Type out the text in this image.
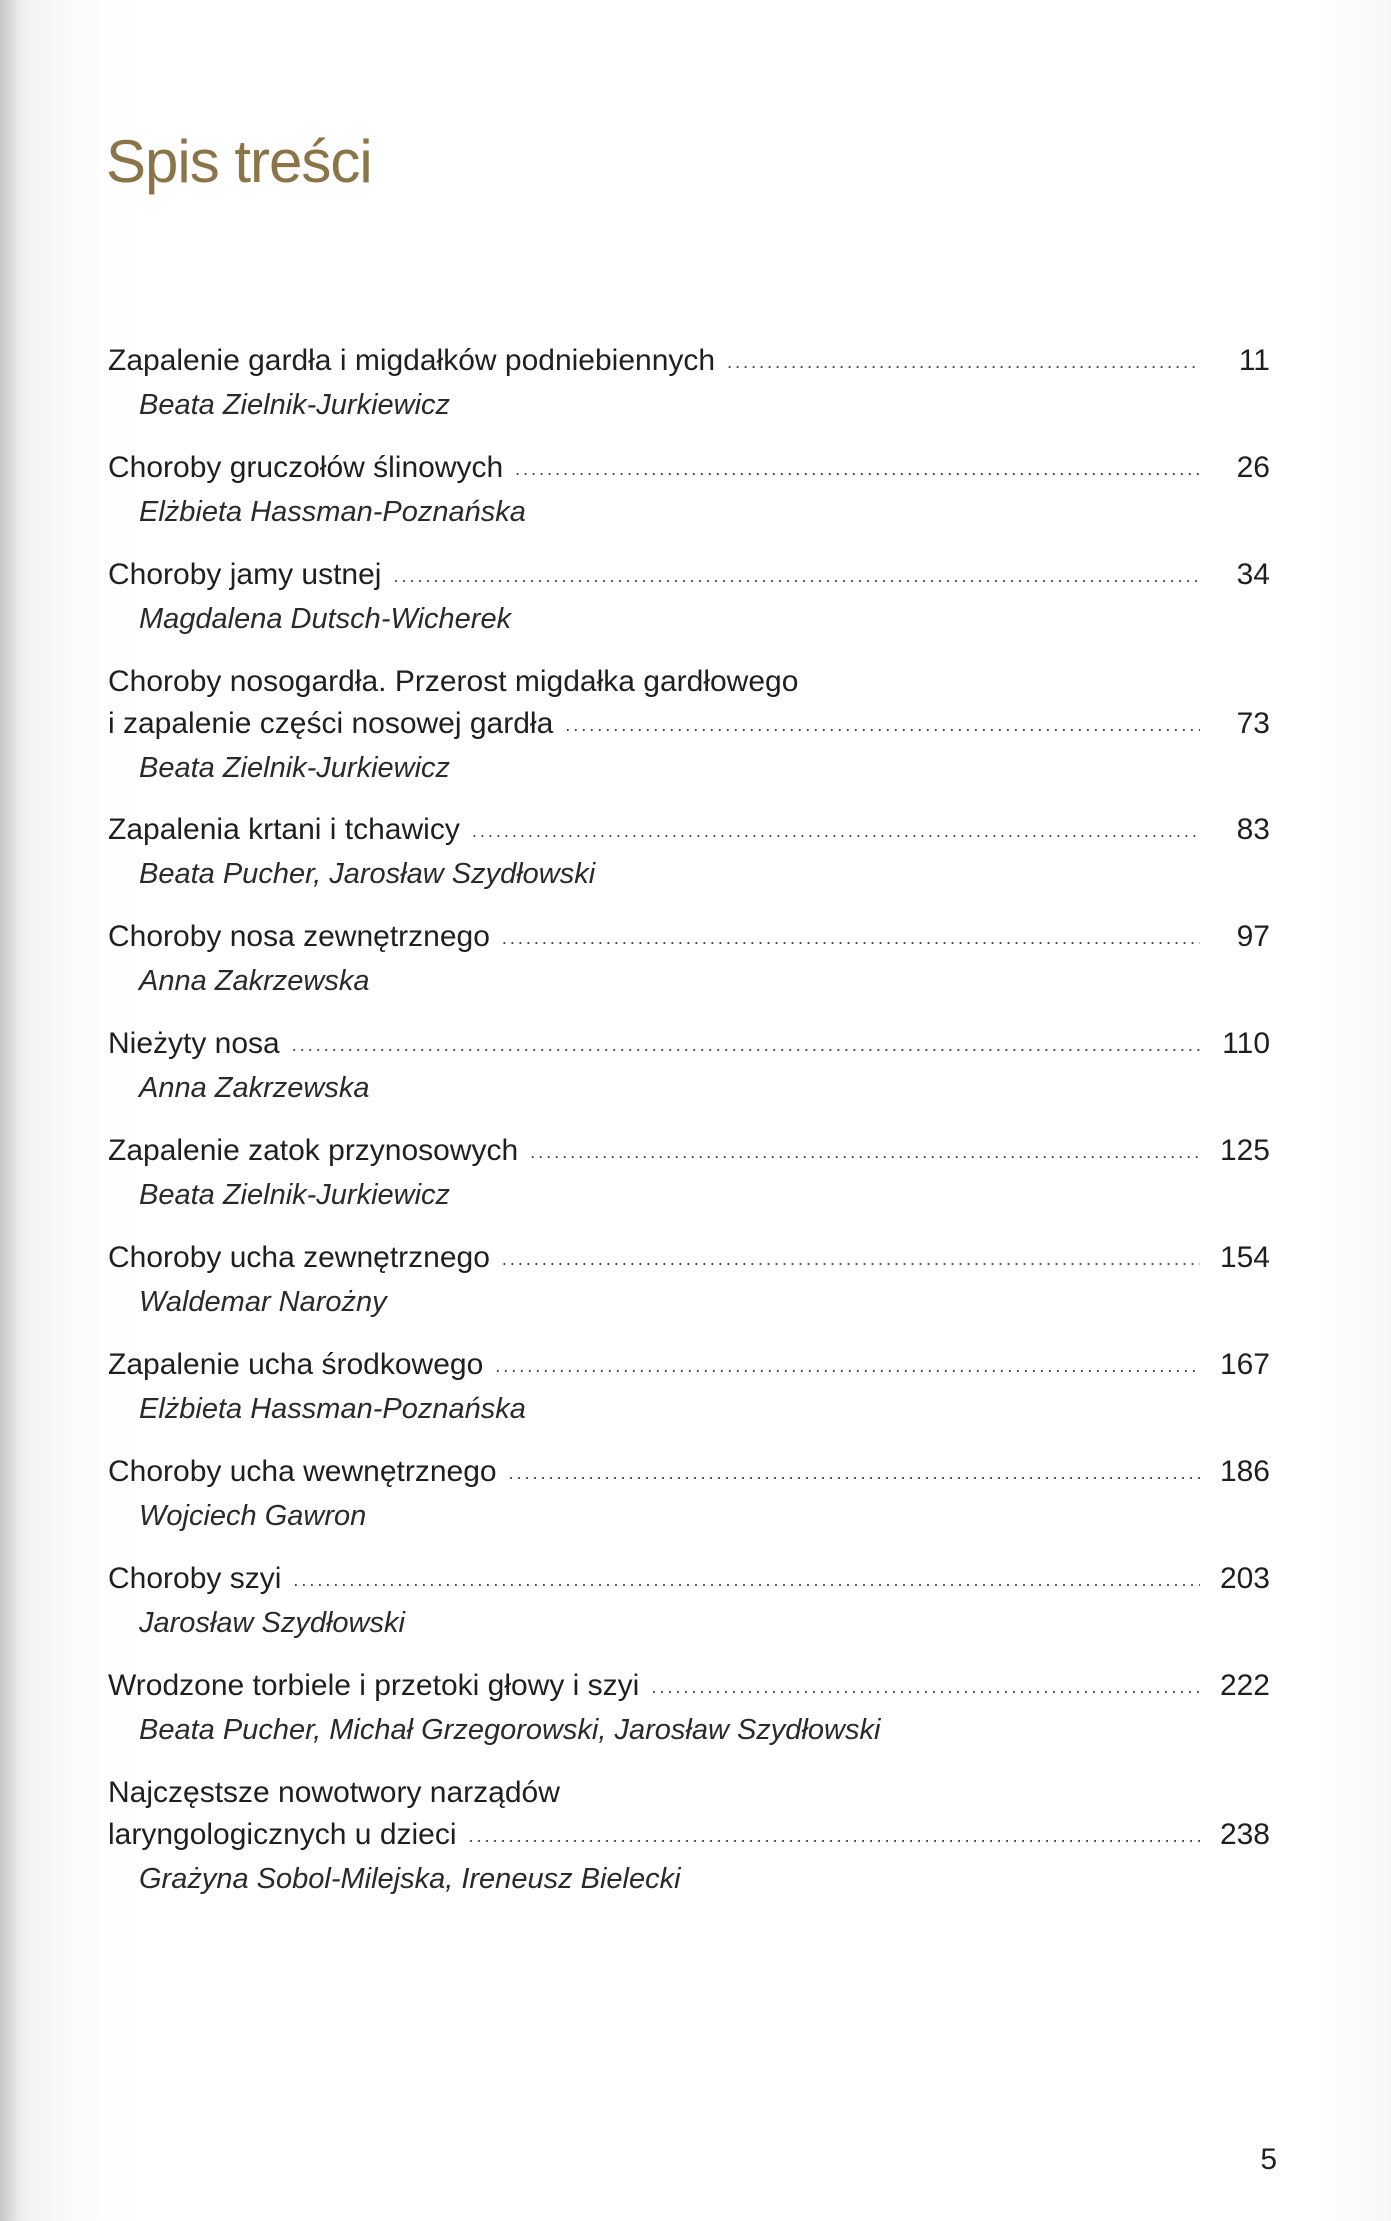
Spis treści
Zapalenie gardła i migdałków podniebiennych .....	11
Beata Zielnik-Jurkiewicz
Choroby gruczołów ślinowych .....	26
Elżbieta Hassman-Poznańska
Choroby jamy ustnej .....	34
Magdalena Dutsch-Wicherek
Choroby nosogardła. Przerost migdałka gardłowego
i zapalenie części nosowej gardła .....	73
Beata Zielnik-Jurkiewicz
Zapalenia krtani i tchawicy .....	83
Beata Pucher, Jarosław Szydłowski
Choroby nosa zewnętrznego .....	97
Anna Zakrzewska
Nieżyty nosa .....	110
Anna Zakrzewska
Zapalenie zatok przynosowych .....	125
Beata Zielnik-Jurkiewicz
Choroby ucha zewnętrznego .....	154
Waldemar Narożny
Zapalenie ucha środkowego .....	167
Elżbieta Hassman-Poznańska
Choroby ucha wewnętrznego .....	186
Wojciech Gawron
Choroby szyi .....	203
Jarosław Szydłowski
Wrodzone torbiele i przetoki głowy i szyi .....	222
Beata Pucher, Michał Grzegorowski, Jarosław Szydłowski
Najczęstsze nowotwory narządów
laryngologicznych u dzieci .....	238
Grażyna Sobol-Milejska, Ireneusz Bielecki
5
